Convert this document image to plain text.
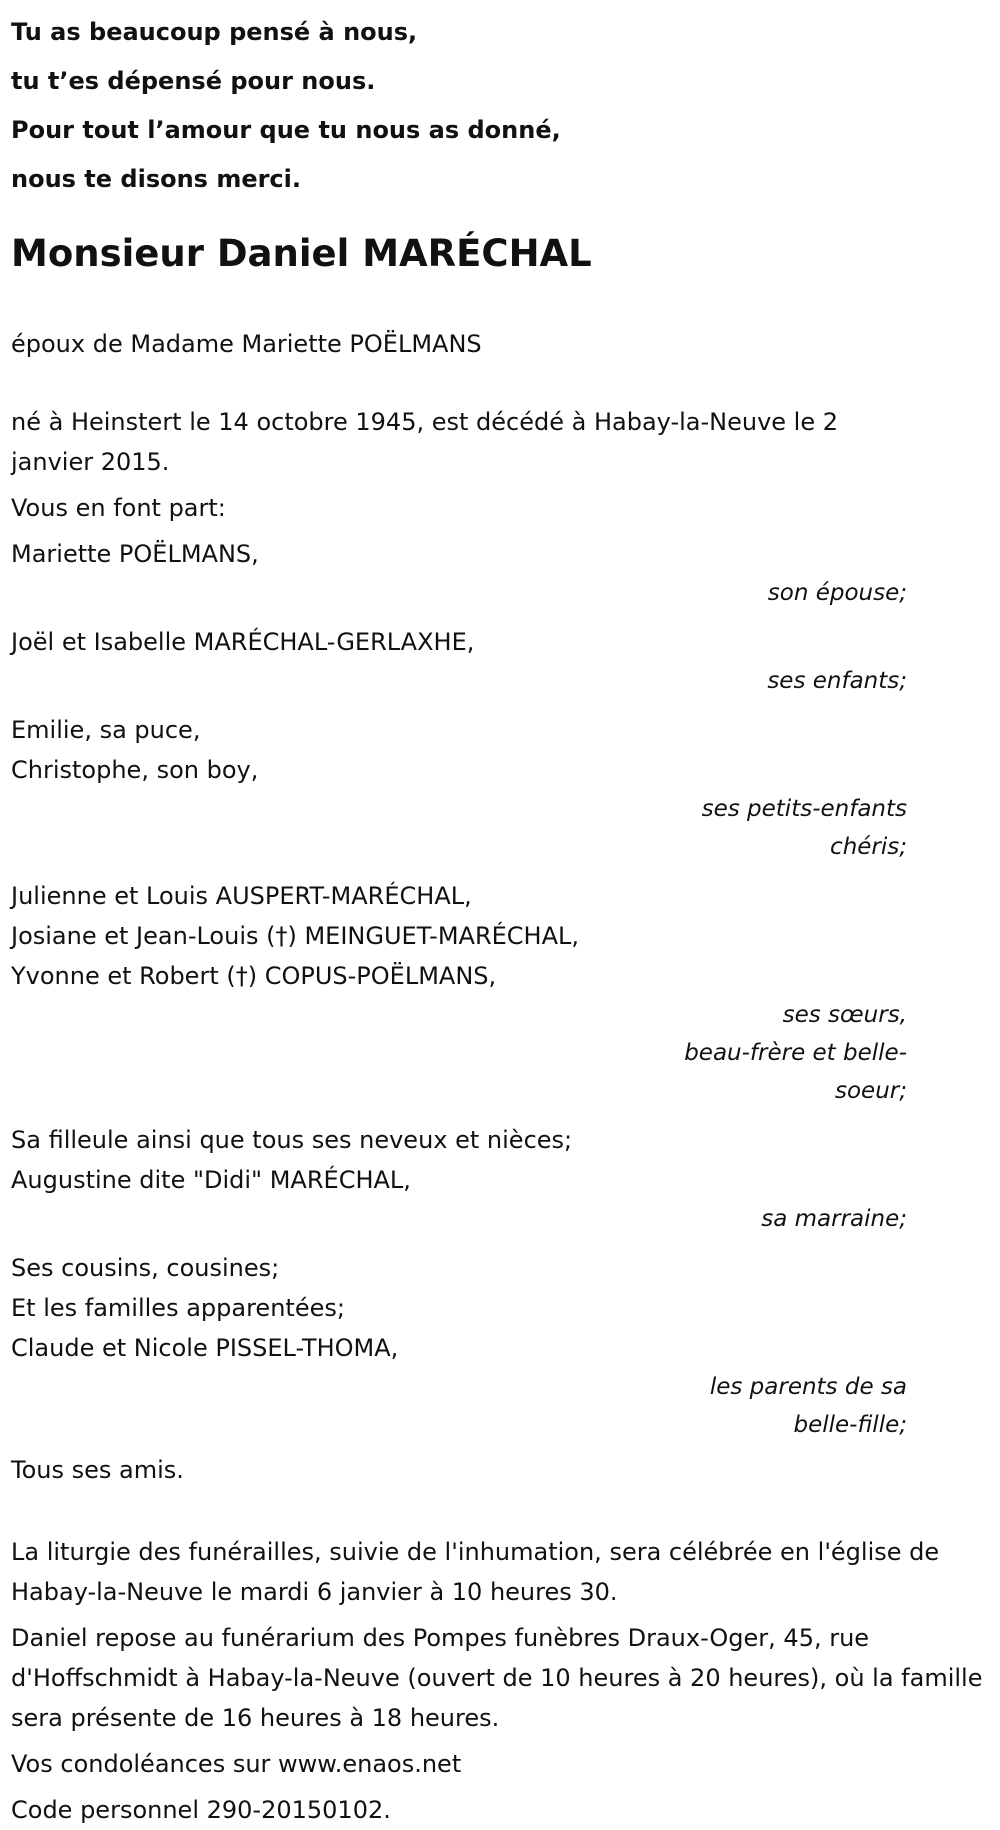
Tu as beaucoup pensé à nous,

tu t’es dépensé pour nous.

Pour tout l’amour que tu nous as donné,

nous te disons merci.

Monsieur Daniel MARÉCHAL

époux de Madame Mariette POËLMANS

né à Heinstert le 14 octobre 1945, est décédé à Habay-la-Neuve le 2 janvier 2015.

Vous en font part:

Mariette POËLMANS,

son épouse;

Joël et Isabelle MARÉCHAL-GERLAXHE,

ses enfants;

Emilie, sa puce,

Christophe, son boy,

ses petits-enfants

chéris;

Julienne et Louis AUSPERT-MARÉCHAL,

Josiane et Jean-Louis (†) MEINGUET-MARÉCHAL,

Yvonne et Robert (†) COPUS-POËLMANS,

ses sœurs,

beau-frère et belle-

soeur;

Sa filleule ainsi que tous ses neveux et nièces;

Augustine dite "Didi" MARÉCHAL,

sa marraine;

Ses cousins, cousines;

Et les familles apparentées;

Claude et Nicole PISSEL-THOMA,

les parents de sa

belle-fille;

Tous ses amis.

La liturgie des funérailles, suivie de l'inhumation, sera célébrée en l'église de Habay-la-Neuve le mardi 6 janvier à 10 heures 30.

Daniel repose au funérarium des Pompes funèbres Draux-Oger, 45, rue d'Hoffschmidt à Habay-la-Neuve (ouvert de 10 heures à 20 heures), où la famille sera présente de 16 heures à 18 heures.

Vos condoléances sur www.enaos.net

Code personnel 290-20150102.
